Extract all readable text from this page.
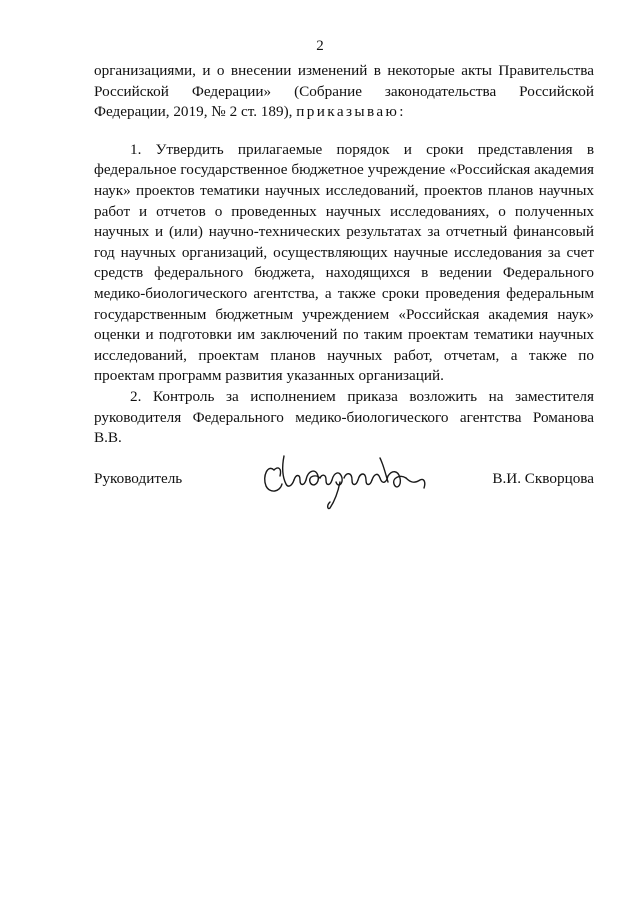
2

организациями, и о внесении изменений в некоторые акты Правительства Российской Федерации» (Собрание законодательства Российской Федерации, 2019, № 2 ст. 189), приказываю:

1. Утвердить прилагаемые порядок и сроки представления в федеральное государственное бюджетное учреждение «Российская академия наук» проектов тематики научных исследований, проектов планов научных работ и отчетов о проведенных научных исследованиях, о полученных научных и (или) научно-технических результатах за отчетный финансовый год научных организаций, осуществляющих научные исследования за счет средств федерального бюджета, находящихся в ведении Федерального медико-биологического агентства, а также сроки проведения федеральным государственным бюджетным учреждением «Российская академия наук» оценки и подготовки им заключений по таким проектам тематики научных исследований, проектам планов научных работ, отчетам, а также по проектам программ развития указанных организаций.

2. Контроль за исполнением приказа возложить на заместителя руководителя Федерального медико-биологического агентства Романова В.В.

Руководитель	В.И. Скворцова
